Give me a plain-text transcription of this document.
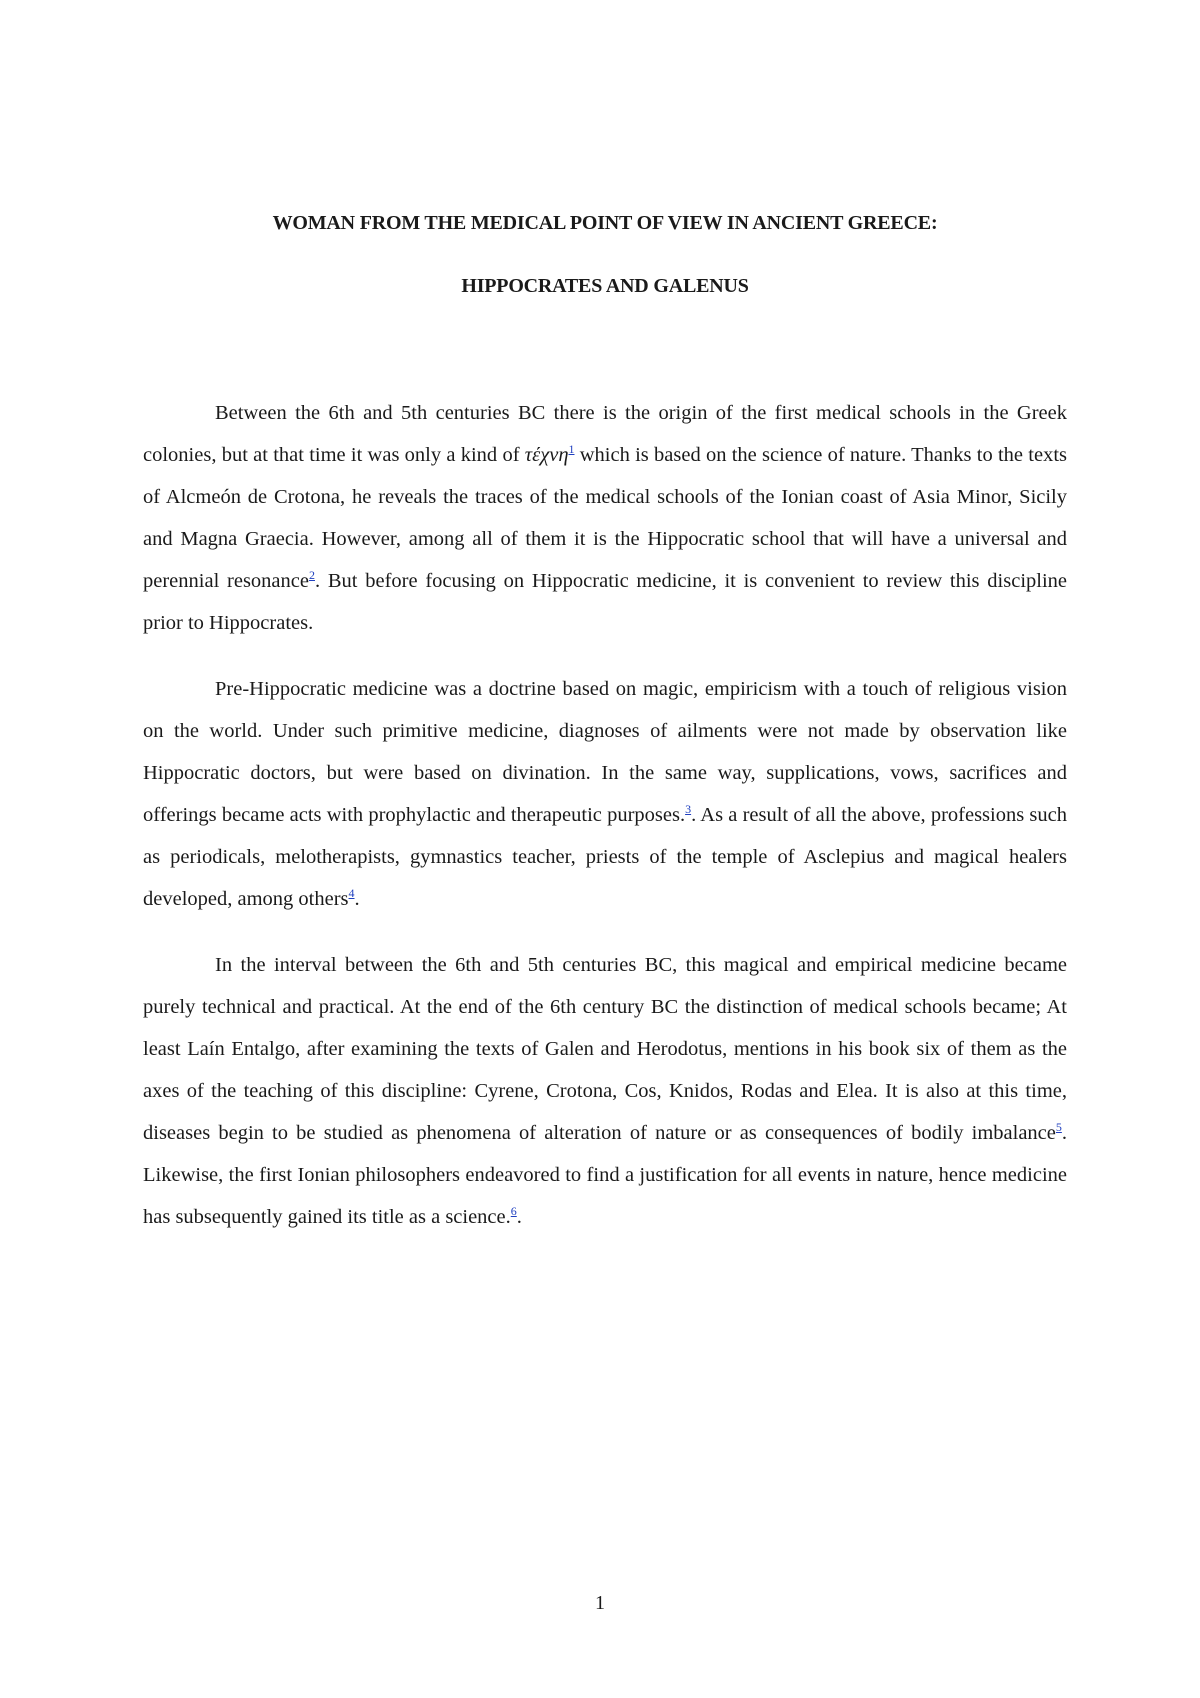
WOMAN FROM THE MEDICAL POINT OF VIEW IN ANCIENT GREECE:
HIPPOCRATES AND GALENUS

Between the 6th and 5th centuries BC there is the origin of the first medical schools in the Greek colonies, but at that time it was only a kind of τέχνη$^1$ which is based on the science of nature. Thanks to the texts of Alcmeón de Crotona, he reveals the traces of the medical schools of the Ionian coast of Asia Minor, Sicily and Magna Graecia. However, among all of them it is the Hippocratic school that will have a universal and perennial resonance$^2$. But before focusing on Hippocratic medicine, it is convenient to review this discipline prior to Hippocrates.

Pre-Hippocratic medicine was a doctrine based on magic, empiricism with a touch of religious vision on the world. Under such primitive medicine, diagnoses of ailments were not made by observation like Hippocratic doctors, but were based on divination. In the same way, supplications, vows, sacrifices and offerings became acts with prophylactic and therapeutic purposes.$^3$. As a result of all the above, professions such as periodicals, melotherapists, gymnastics teacher, priests of the temple of Asclepius and magical healers developed, among others$^4$.

In the interval between the 6th and 5th centuries BC, this magical and empirical medicine became purely technical and practical. At the end of the 6th century BC the distinction of medical schools became; At least Laín Entalgo, after examining the texts of Galen and Herodotus, mentions in his book six of them as the axes of the teaching of this discipline: Cyrene, Crotona, Cos, Knidos, Rodas and Elea. It is also at this time, diseases begin to be studied as phenomena of alteration of nature or as consequences of bodily imbalance$^5$. Likewise, the first Ionian philosophers endeavored to find a justification for all events in nature, hence medicine has subsequently gained its title as a science.$^6$.

1
